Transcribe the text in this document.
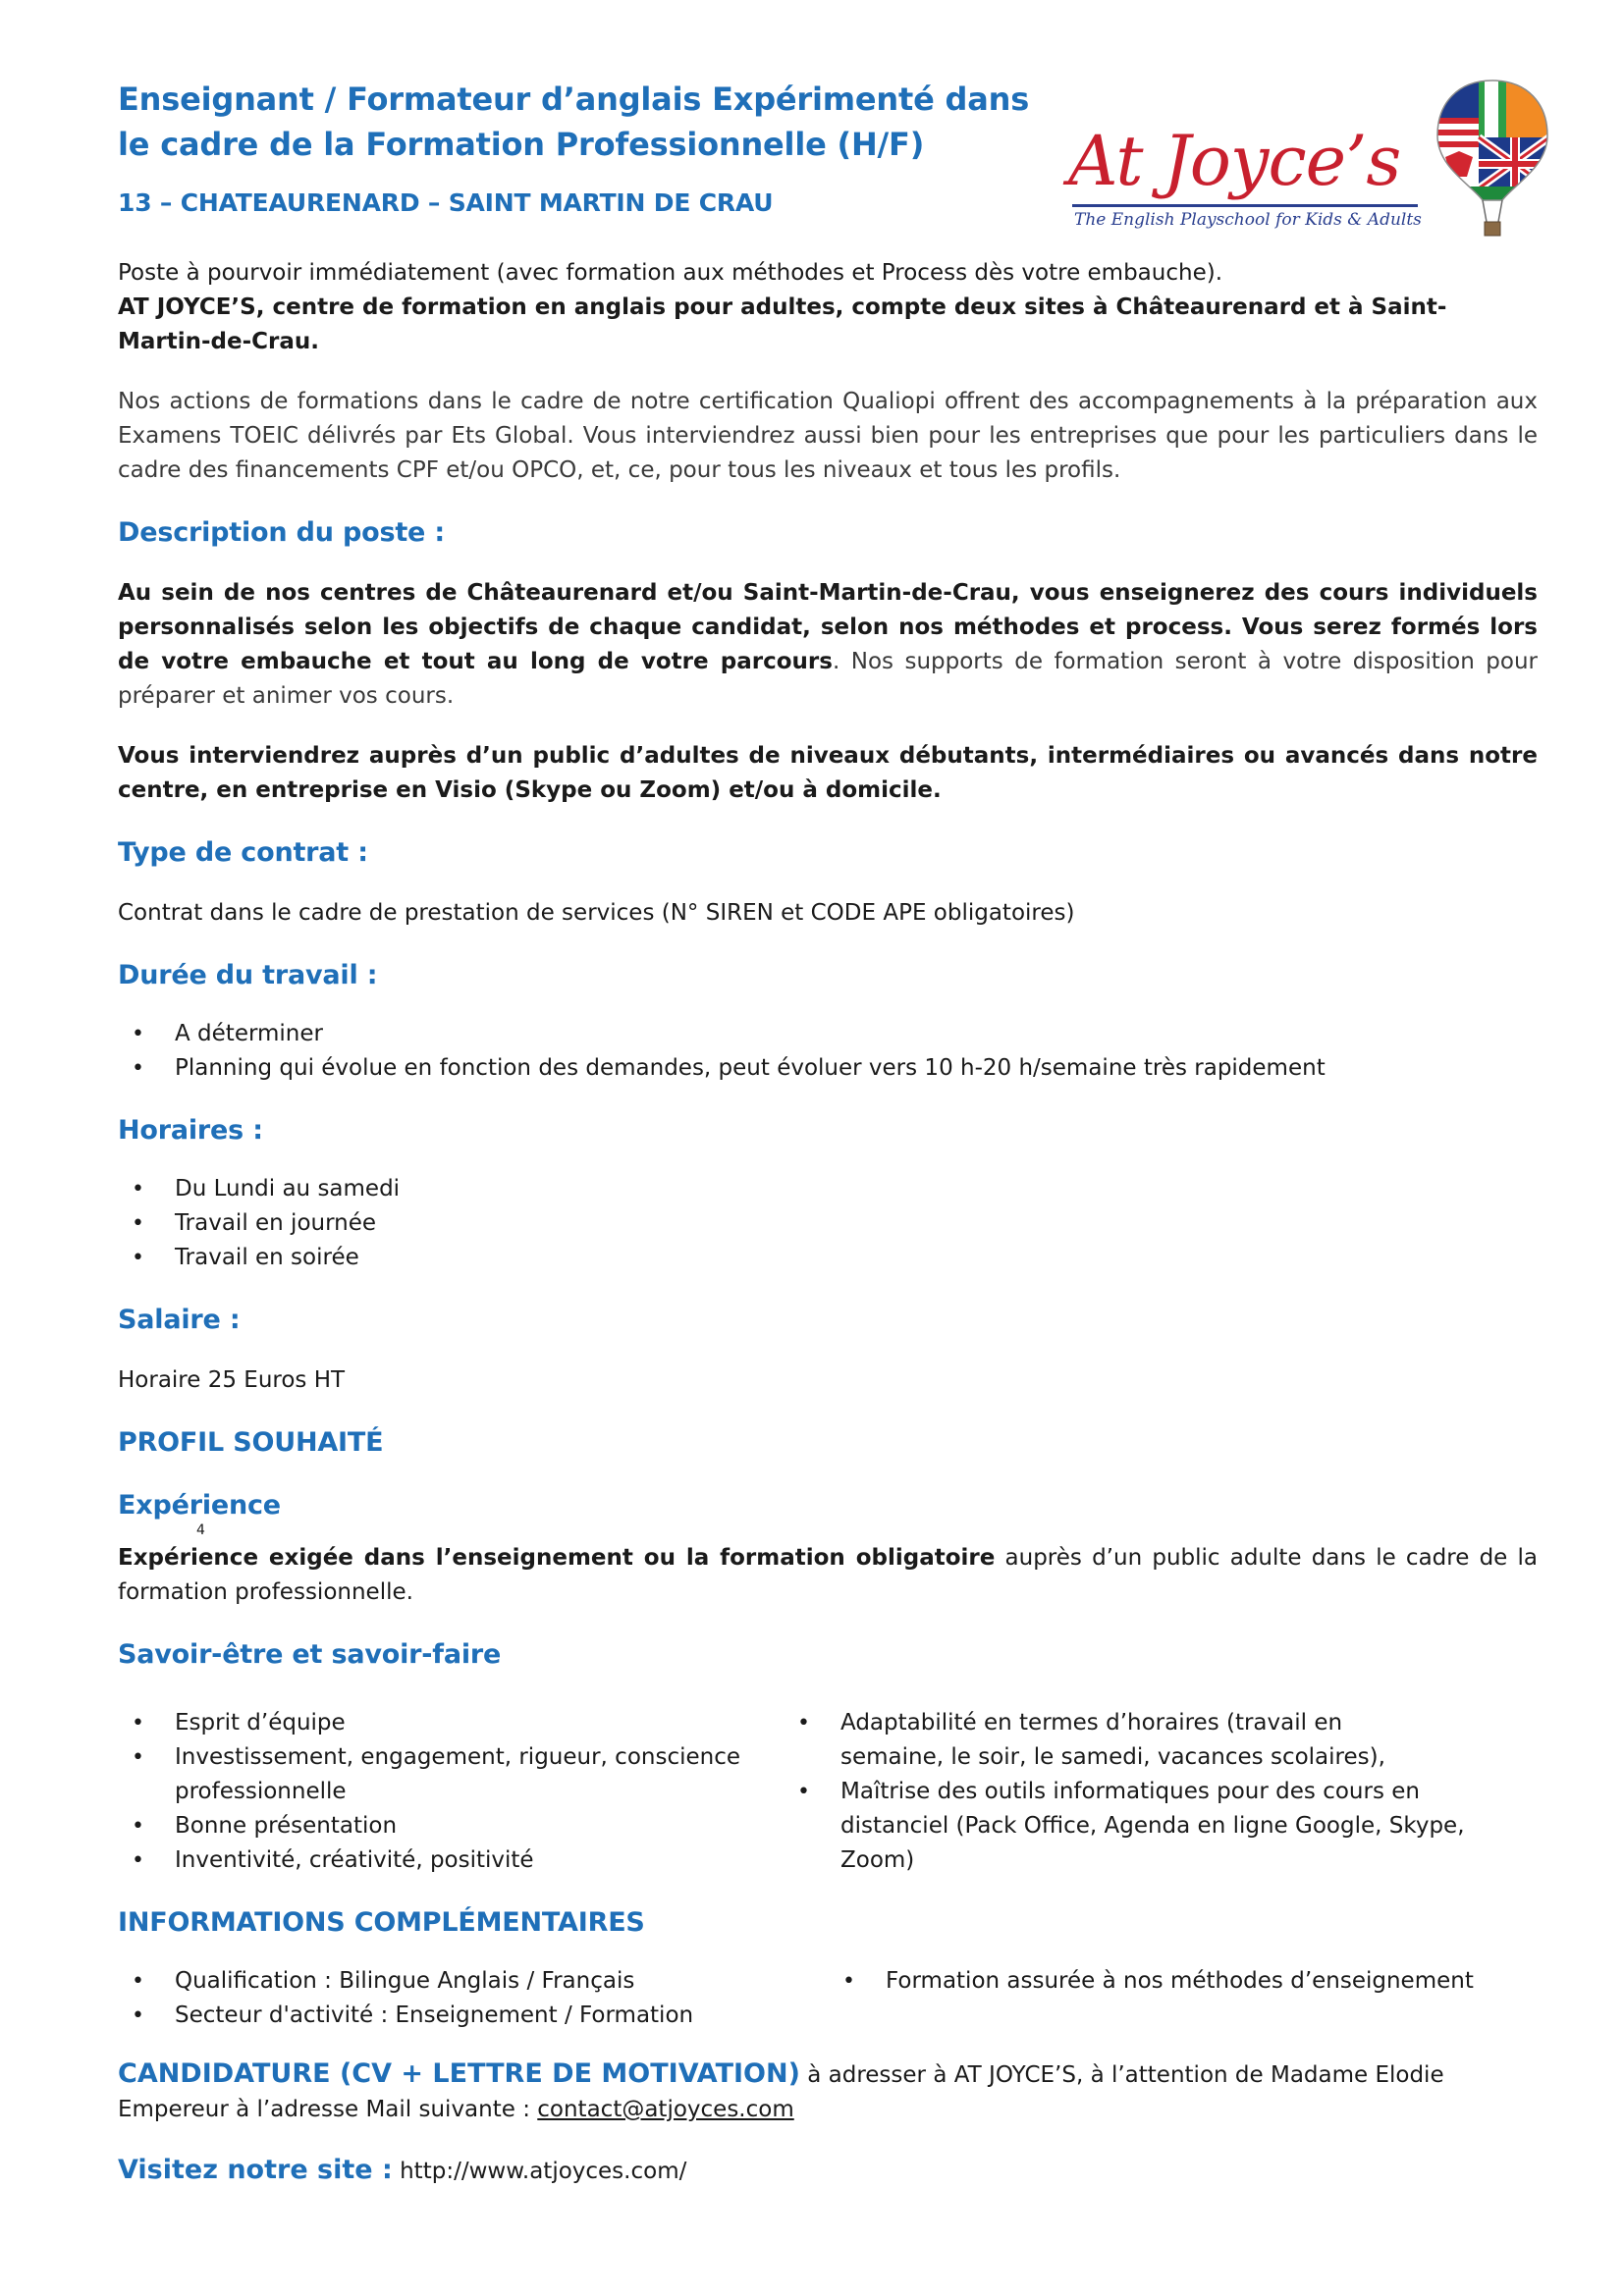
At Joyce’s
The English Playschool for Kids & Adults
Enseignant / Formateur d’anglais Expérimenté dans le cadre de la Formation Professionnelle (H/F)
13 – CHATEAURENARD – SAINT MARTIN DE CRAU

Poste à pourvoir immédiatement (avec formation aux méthodes et Process dès votre embauche).

AT JOYCE’S, centre de formation en anglais pour adultes, compte deux sites à Châteaurenard et à Saint-Martin-de-Crau.

Nos actions de formations dans le cadre de notre certification Qualiopi offrent des accompagnements à la préparation aux Examens TOEIC délivrés par Ets Global. Vous interviendrez aussi bien pour les entreprises que pour les particuliers dans le cadre des financements CPF et/ou OPCO, et, ce, pour tous les niveaux et tous les profils.

Description du poste :

Au sein de nos centres de Châteaurenard et/ou Saint-Martin-de-Crau, vous enseignerez des cours individuels personnalisés selon les objectifs de chaque candidat, selon nos méthodes et process. Vous serez formés lors de votre embauche et tout au long de votre parcours. Nos supports de formation seront à votre disposition pour préparer et animer vos cours.

Vous interviendrez auprès d’un public d’adultes de niveaux débutants, intermédiaires ou avancés dans notre centre, en entreprise en Visio (Skype ou Zoom) et/ou à domicile.

Type de contrat :

Contrat dans le cadre de prestation de services (N° SIREN et CODE APE obligatoires)

Durée du travail :
• A déterminer
• Planning qui évolue en fonction des demandes, peut évoluer vers 10 h-20 h/semaine très rapidement
Horaires :
• Du Lundi au samedi
• Travail en journée
• Travail en soirée
Salaire :

Horaire 25 Euros HT

PROFIL SOUHAITÉ
Expérience
4

Expérience exigée dans l’enseignement ou la formation obligatoire auprès d’un public adulte dans le cadre de la formation professionnelle.

Savoir-être et savoir-faire
• Esprit d’équipe
• Investissement, engagement, rigueur, conscience professionnelle
• Bonne présentation
• Inventivité, créativité, positivité
• Adaptabilité en termes d’horaires (travail en semaine, le soir, le samedi, vacances scolaires),
• Maîtrise des outils informatiques pour des cours en distanciel (Pack Office, Agenda en ligne Google, Skype, Zoom)
INFORMATIONS COMPLÉMENTAIRES
• Qualification : Bilingue Anglais / Français
• Secteur d'activité : Enseignement / Formation
• Formation assurée à nos méthodes d’enseignement

CANDIDATURE (CV + LETTRE DE MOTIVATION) à adresser à AT JOYCE’S, à l’attention de Madame Elodie Empereur à l’adresse Mail suivante : contact@atjoyces.com

Visitez notre site : http://www.atjoyces.com/
